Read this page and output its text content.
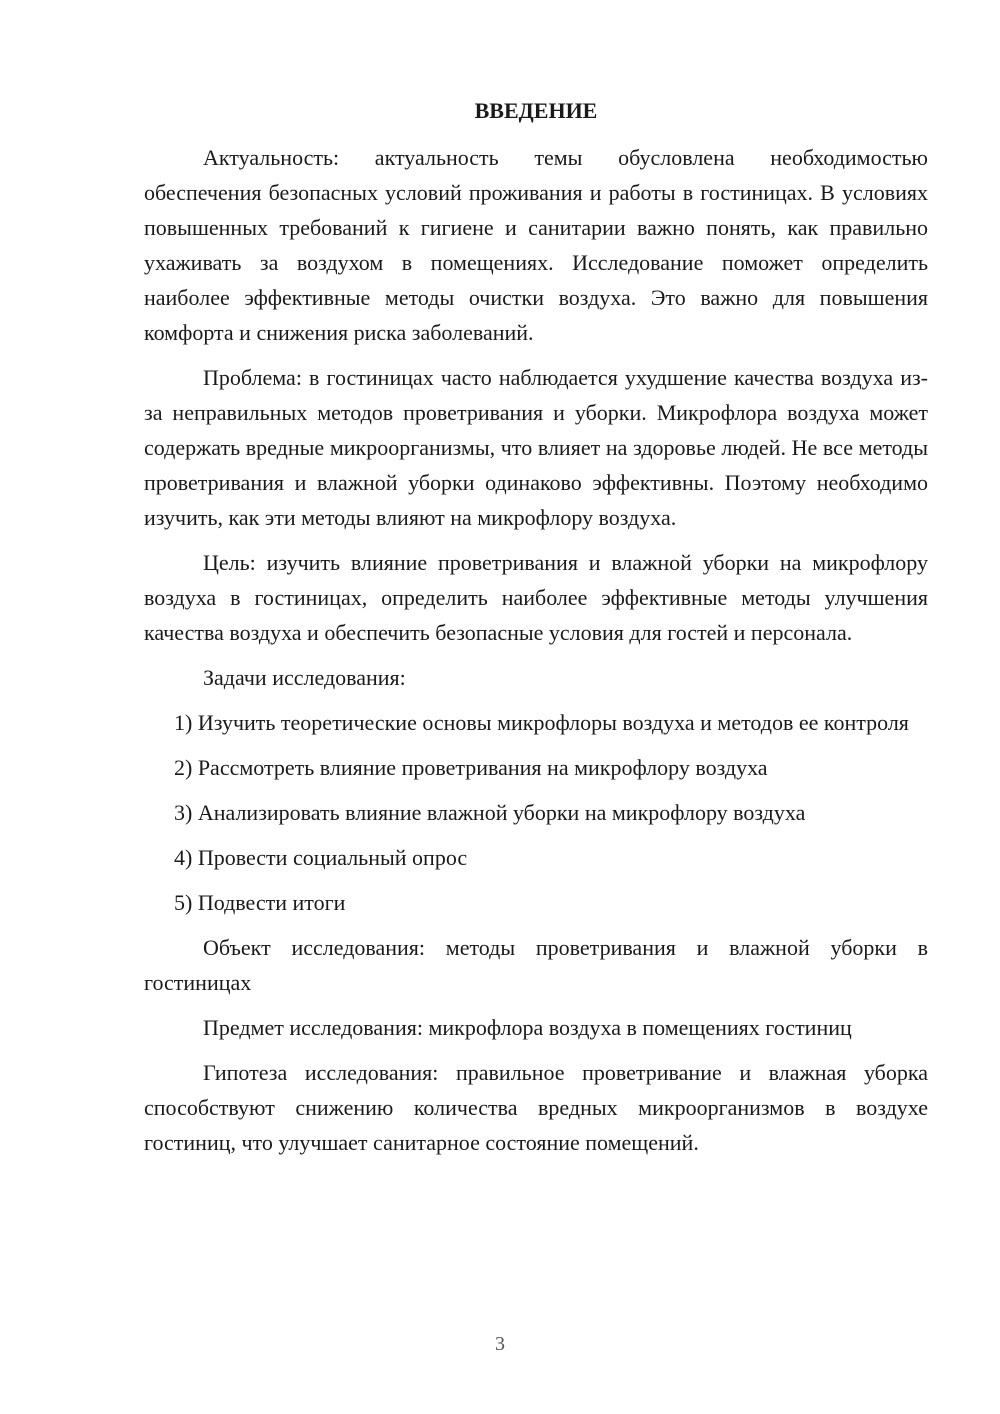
ВВЕДЕНИЕ

Актуальность: актуальность темы обусловлена необходимостью обеспечения безопасных условий проживания и работы в гостиницах. В условиях повышенных требований к гигиене и санитарии важно понять, как правильно ухаживать за воздухом в помещениях. Исследование поможет определить наиболее эффективные методы очистки воздуха. Это важно для повышения комфорта и снижения риска заболеваний.

Проблема: в гостиницах часто наблюдается ухудшение качества воздуха из-за неправильных методов проветривания и уборки. Микрофлора воздуха может содержать вредные микроорганизмы, что влияет на здоровье людей. Не все методы проветривания и влажной уборки одинаково эффективны. Поэтому необходимо изучить, как эти методы влияют на микрофлору воздуха.

Цель: изучить влияние проветривания и влажной уборки на микрофлору воздуха в гостиницах, определить наиболее эффективные методы улучшения качества воздуха и обеспечить безопасные условия для гостей и персонала.

Задачи исследования:

1) Изучить теоретические основы микрофлоры воздуха и методов ее контроля

2) Рассмотреть влияние проветривания на микрофлору воздуха

3) Анализировать влияние влажной уборки на микрофлору воздуха

4) Провести социальный опрос

5) Подвести итоги

Объект исследования: методы проветривания и влажной уборки в гостиницах

Предмет исследования: микрофлора воздуха в помещениях гостиниц

Гипотеза исследования: правильное проветривание и влажная уборка способствуют снижению количества вредных микроорганизмов в воздухе гостиниц, что улучшает санитарное состояние помещений.

3
